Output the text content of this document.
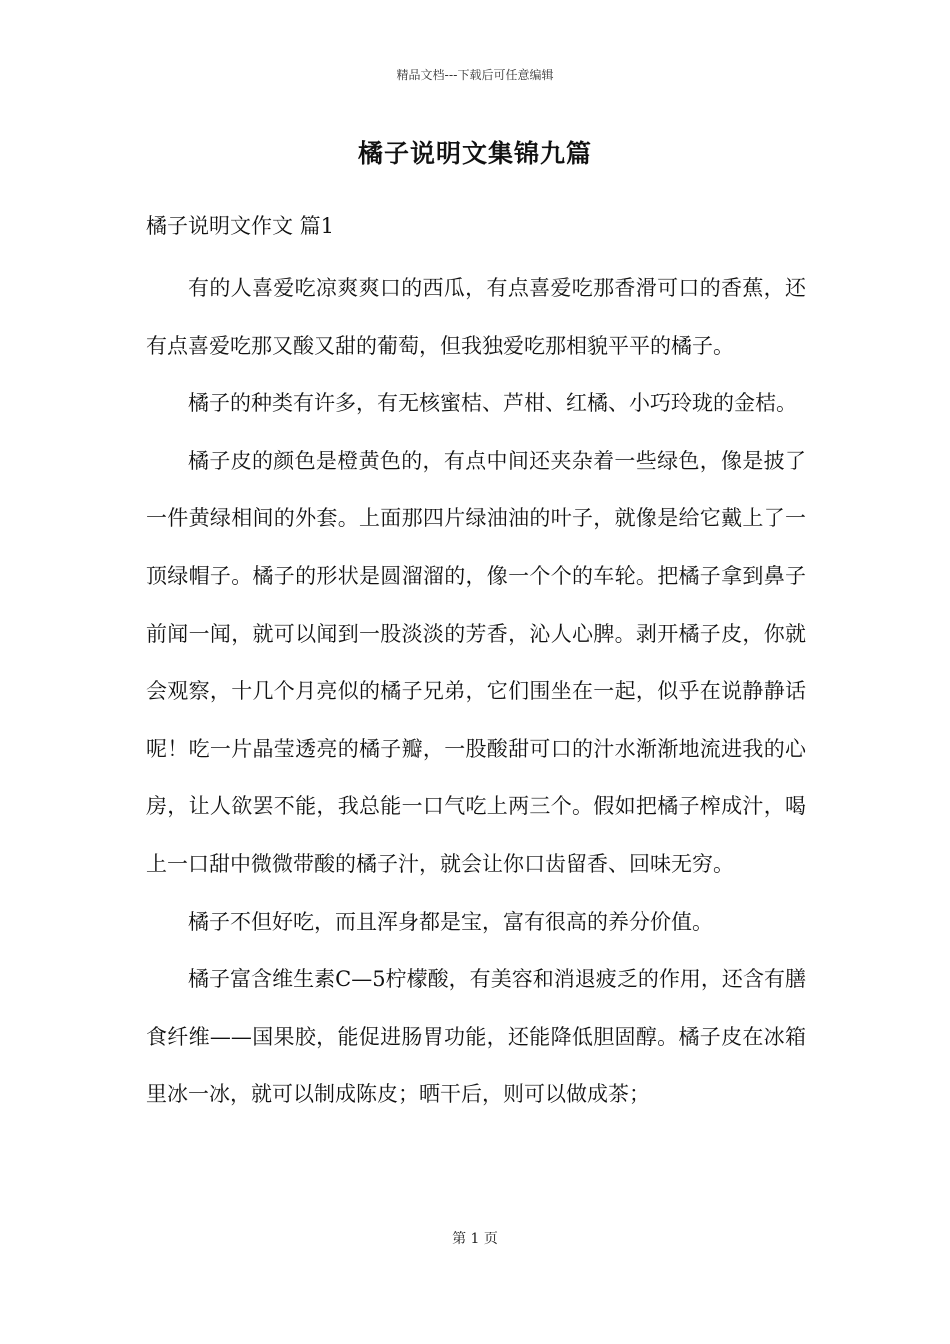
精品文档---下载后可任意编辑
橘子说明文集锦九篇
橘子说明文作文 篇1

有的人喜爱吃凉爽爽口的西瓜，有点喜爱吃那香滑可口的香蕉，还有点喜爱吃那又酸又甜的葡萄，但我独爱吃那相貌平平的橘子。

橘子的种类有许多，有无核蜜桔、芦柑、红橘、小巧玲珑的金桔。

橘子皮的颜色是橙黄色的，有点中间还夹杂着一些绿色，像是披了一件黄绿相间的外套。上面那四片绿油油的叶子，就像是给它戴上了一顶绿帽子。橘子的形状是圆溜溜的，像一个个的车轮。把橘子拿到鼻子前闻一闻，就可以闻到一股淡淡的芳香，沁人心脾。剥开橘子皮，你就会观察，十几个月亮似的橘子兄弟，它们围坐在一起，似乎在说静静话呢！吃一片晶莹透亮的橘子瓣，一股酸甜可口的汁水渐渐地流进我的心房，让人欲罢不能，我总能一口气吃上两三个。假如把橘子榨成汁，喝上一口甜中微微带酸的橘子汁，就会让你口齿留香、回味无穷。

橘子不但好吃，而且浑身都是宝，富有很高的养分价值。

橘子富含维生素C—5柠檬酸，有美容和消退疲乏的作用，还含有膳食纤维——国果胶，能促进肠胃功能，还能降低胆固醇。橘子皮在冰箱里冰一冰，就可以制成陈皮；晒干后，则可以做成茶；

第 1 页
